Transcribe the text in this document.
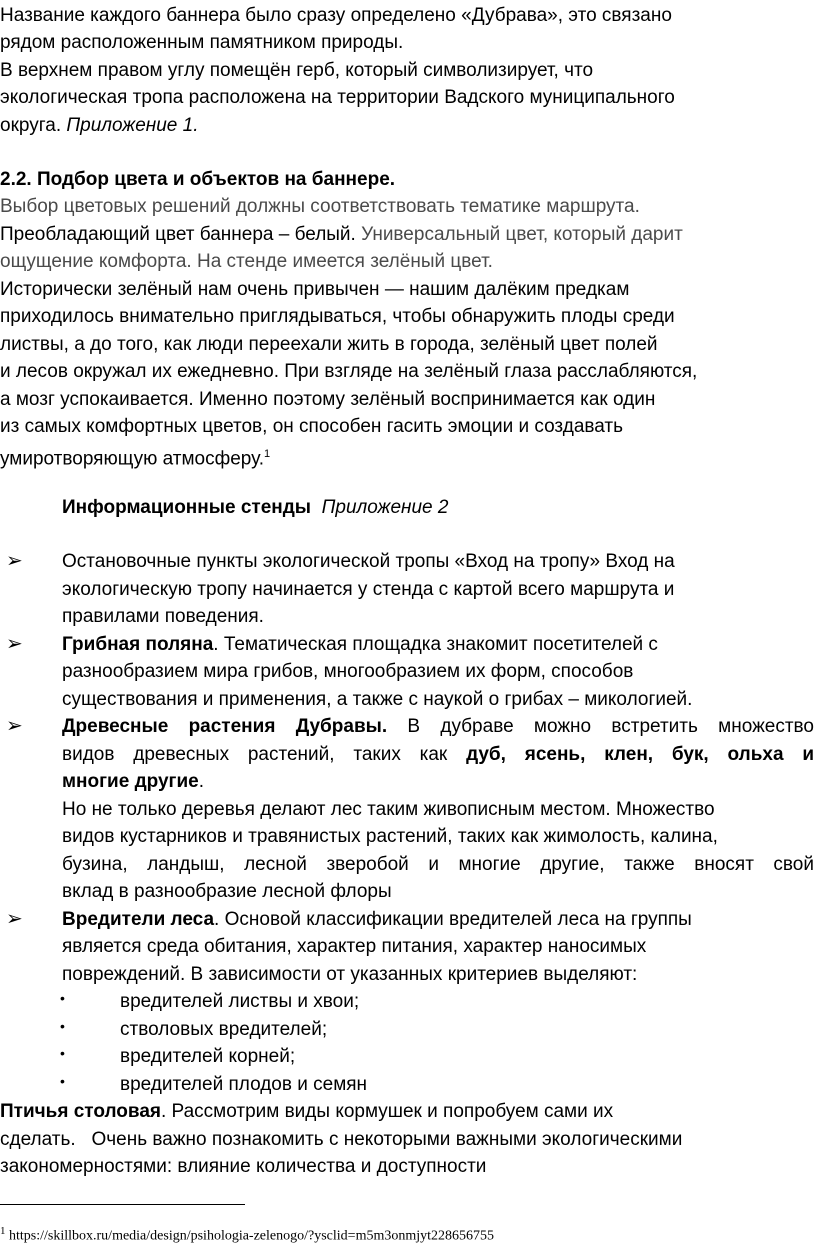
Название каждого баннера было сразу определено «Дубрава», это связано

рядом расположенным памятником природы.

В верхнем правом углу помещён герб, который символизирует, что

экологическая тропа расположена на территории Вадского муниципального

округа. Приложение 1.

2.2. Подбор цвета и объектов на баннере.

Выбор цветовых решений должны соответствовать тематике маршрута.

Преобладающий цвет баннера – белый. Универсальный цвет, который дарит

ощущение комфорта. На стенде имеется зелёный цвет.

Исторически зелёный нам очень привычен — нашим далёким предкам

приходилось внимательно приглядываться, чтобы обнаружить плоды среди

листвы, а до того, как люди переехали жить в города, зелёный цвет полей

и лесов окружал их ежедневно. При взгляде на зелёный глаза расслабляются,

а мозг успокаивается. Именно поэтому зелёный воспринимается как один

из самых комфортных цветов, он способен гасить эмоции и создавать

умиротворяющую атмосферу.$^1$

Информационные стенды Приложение 2

➢ Остановочные пункты экологической тропы «Вход на тропу» Вход на

экологическую тропу начинается у стенда с картой всего маршрута и

правилами поведения.

➢ Грибная поляна. Тематическая площадка знакомит посетителей с

разнообразием мира грибов, многообразием их форм, способов

существования и применения, а также с наукой о грибах – микологией.

➢ Древесные растения Дубравы. В дубраве можно встретить множество

видов древесных растений, таких как дуб, ясень, клен, бук, ольха и

многие другие.

Но не только деревья делают лес таким живописным местом. Множество

видов кустарников и травянистых растений, таких как жимолость, калина,

бузина, ландыш, лесной зверобой и многие другие, также вносят свой

вклад в разнообразие лесной флоры

➢ Вредители леса. Основой классификации вредителей леса на группы

является среда обитания, характер питания, характер наносимых

повреждений. В зависимости от указанных критериев выделяют:

•	вредителей листвы и хвои;

•	стволовых вредителей;

•	вредителей корней;

•	вредителей плодов и семян

Птичья столовая. Рассмотрим виды кормушек и попробуем сами их

сделать. Очень важно познакомить с некоторыми важными экологическими

закономерностями: влияние количества и доступности

$^1$ https://skillbox.ru/media/design/psihologia-zelenogo/?ysclid=m5m3onmjyt228656755
